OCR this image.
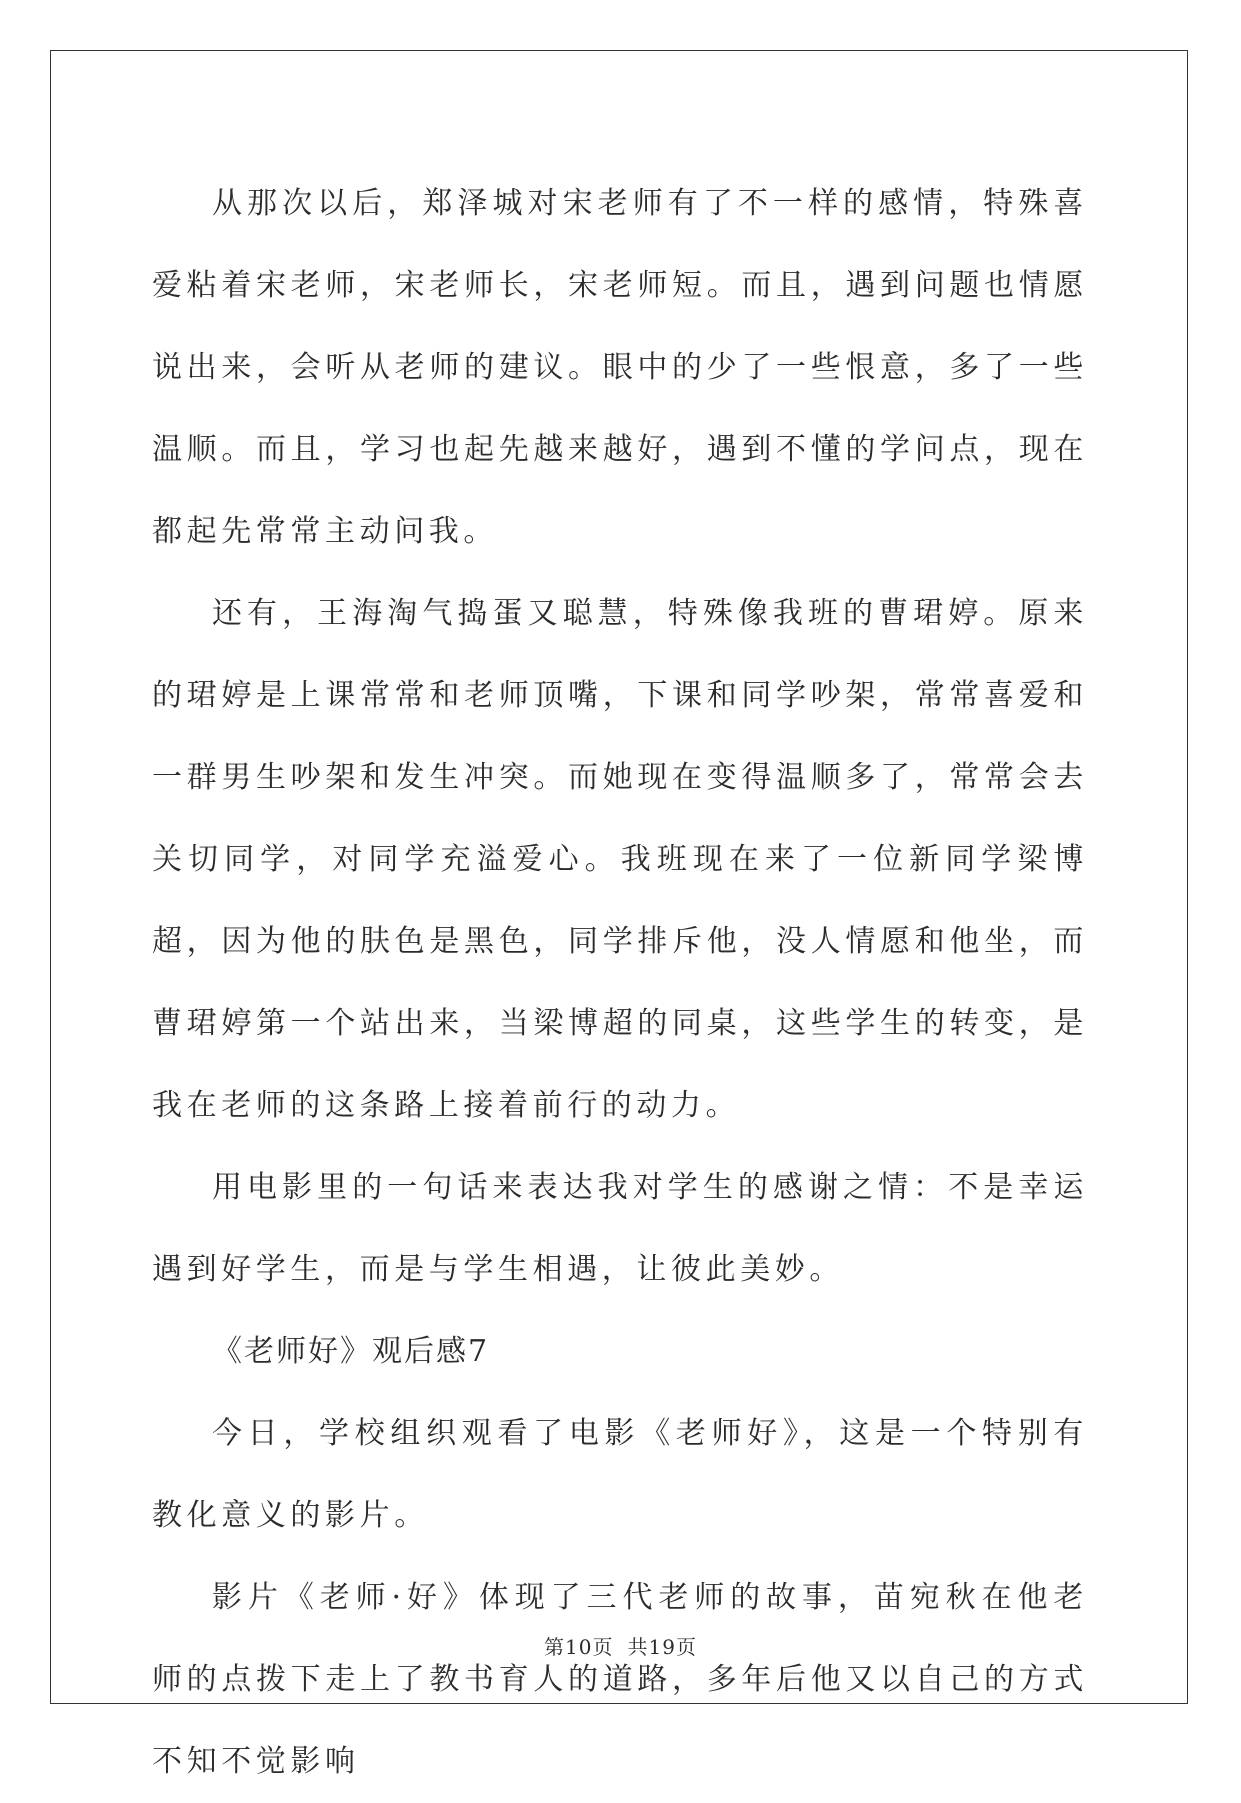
从那次以后，郑泽城对宋老师有了不一样的感情，特殊喜爱粘着宋老师，宋老师长，宋老师短。而且，遇到问题也情愿说出来，会听从老师的建议。眼中的少了一些恨意，多了一些温顺。而且，学习也起先越来越好，遇到不懂的学问点，现在都起先常常主动问我。

还有，王海淘气捣蛋又聪慧，特殊像我班的曹珺婷。原来的珺婷是上课常常和老师顶嘴，下课和同学吵架，常常喜爱和一群男生吵架和发生冲突。而她现在变得温顺多了，常常会去关切同学，对同学充溢爱心。我班现在来了一位新同学梁博超，因为他的肤色是黑色，同学排斥他，没人情愿和他坐，而曹珺婷第一个站出来，当梁博超的同桌，这些学生的转变，是我在老师的这条路上接着前行的动力。

用电影里的一句话来表达我对学生的感谢之情：不是幸运遇到好学生，而是与学生相遇，让彼此美妙。

《老师好》观后感7

今日，学校组织观看了电影《老师好》，这是一个特别有教化意义的影片。

影片《老师·好》体现了三代老师的故事，苗宛秋在他老师的点拨下走上了教书育人的道路，多年后他又以自己的方式不知不觉影响

第10页 共19页
